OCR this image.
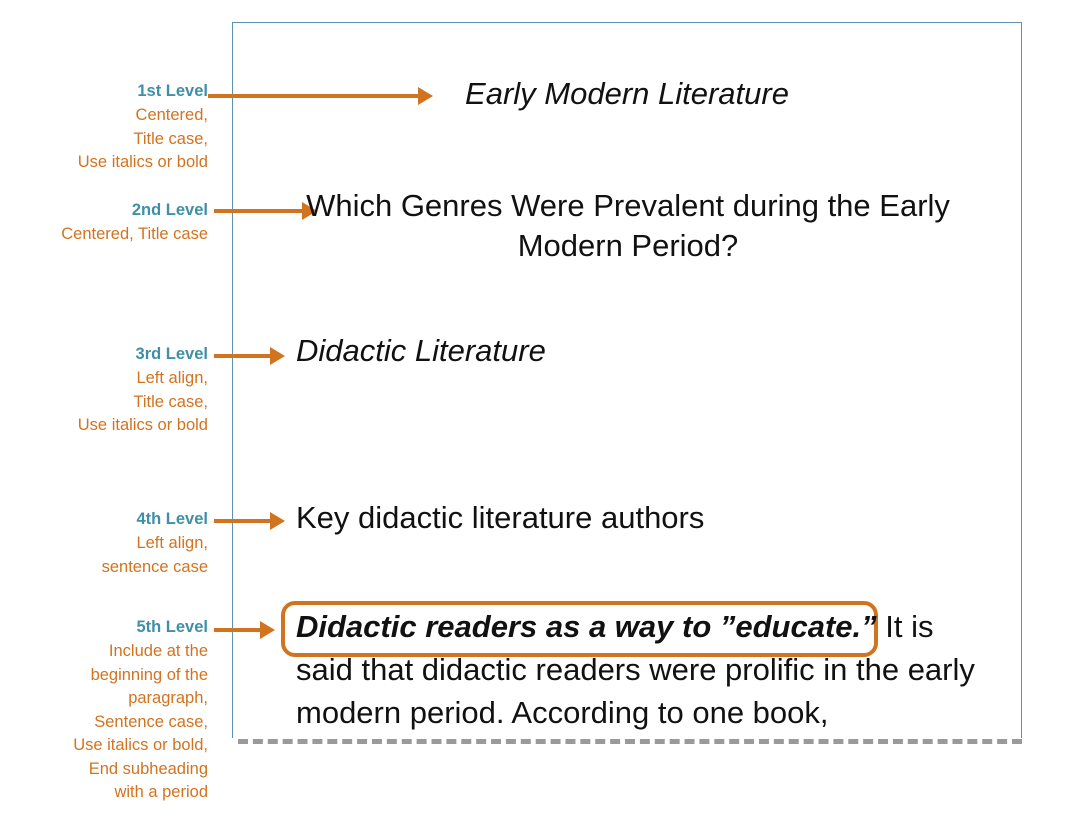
1st Level
Centered,
Title case,
Use italics or bold
2nd Level
Centered, Title case
3rd Level
Left align,
Title case,
Use italics or bold
4th Level
Left align,
sentence case
5th Level
Include at the
beginning of the
paragraph,
Sentence case,
Use italics or bold,
End subheading
with a period
Early Modern Literature
Which Genres Were Prevalent during the Early Modern Period?
Didactic Literature
Key didactic literature authors
Didactic readers as a way to ”educate.” It is said that didactic readers were prolific in the early modern period. According to one book,
